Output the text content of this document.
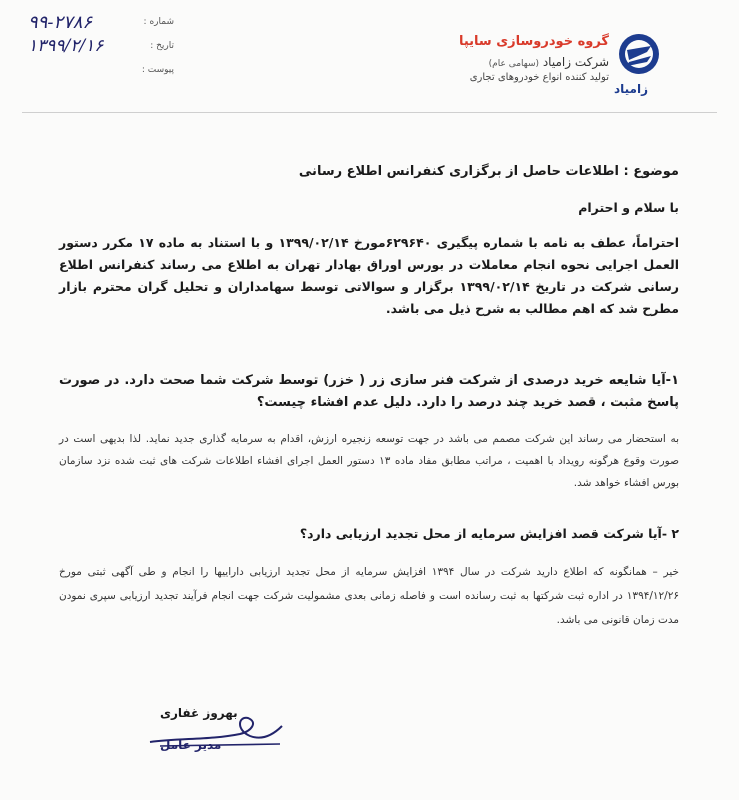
شماره :
۹۹-۲۷۸۶
تاریخ :
۱۳۹۹/۲/۱۶
پیوست :
گروه خودروسازی سایپا
شرکت زامیاد (سهامی عام)
تولید کننده انواع خودروهای تجاری
زامیاد
موضوع : اطلاعات حاصل از برگزاری کنفرانس اطلاع رسانی
با سلام و احترام
احتراماً، عطف به نامه با شماره پیگیری ۶۲۹۶۴۰مورخ ۱۳۹۹/۰۲/۱۴ و با استناد به ماده ۱۷ مکرر دستور العمل اجرایی نحوه انجام معاملات در بورس اوراق بهادار تهران به اطلاع می رساند کنفرانس اطلاع رسانی شرکت در تاریخ ۱۳۹۹/۰۲/۱۴ برگزار و سوالاتی توسط سهامداران و تحلیل گران محترم بازار مطرح شد که اهم مطالب به شرح ذیل می باشد.
۱-آیا شایعه خرید درصدی از شرکت فنر سازی زر ( خزر) توسط شرکت شما صحت دارد. در صورت پاسخ مثبت ، قصد خرید چند درصد را دارد. دلیل عدم افشاء چیست؟
به استحضار می رساند این شرکت مصمم می باشد در جهت توسعه زنجیره ارزش، اقدام به سرمایه گذاری جدید نماید. لذا بدیهی است در صورت وقوع هرگونه رویداد با اهمیت ، مراتب مطابق مفاد ماده ۱۳ دستور العمل اجرای افشاء اطلاعات شرکت های ثبت شده نزد سازمان بورس افشاء خواهد شد.
۲ -آیا شرکت قصد افزایش سرمایه از محل تجدید ارزیابی دارد؟
خیر – همانگونه که اطلاع دارید شرکت در سال ۱۳۹۴ افزایش سرمایه از محل تجدید ارزیابی داراییها را انجام و طی آگهی ثبتی مورخ ۱۳۹۴/۱۲/۲۶ در اداره ثبت شرکتها به ثبت رسانده است و فاصله زمانی بعدی مشمولیت شرکت جهت انجام فرآیند تجدید ارزیابی سپری نمودن مدت زمان قانونی می باشد.
بهروز غفاری
مدیر عامل
